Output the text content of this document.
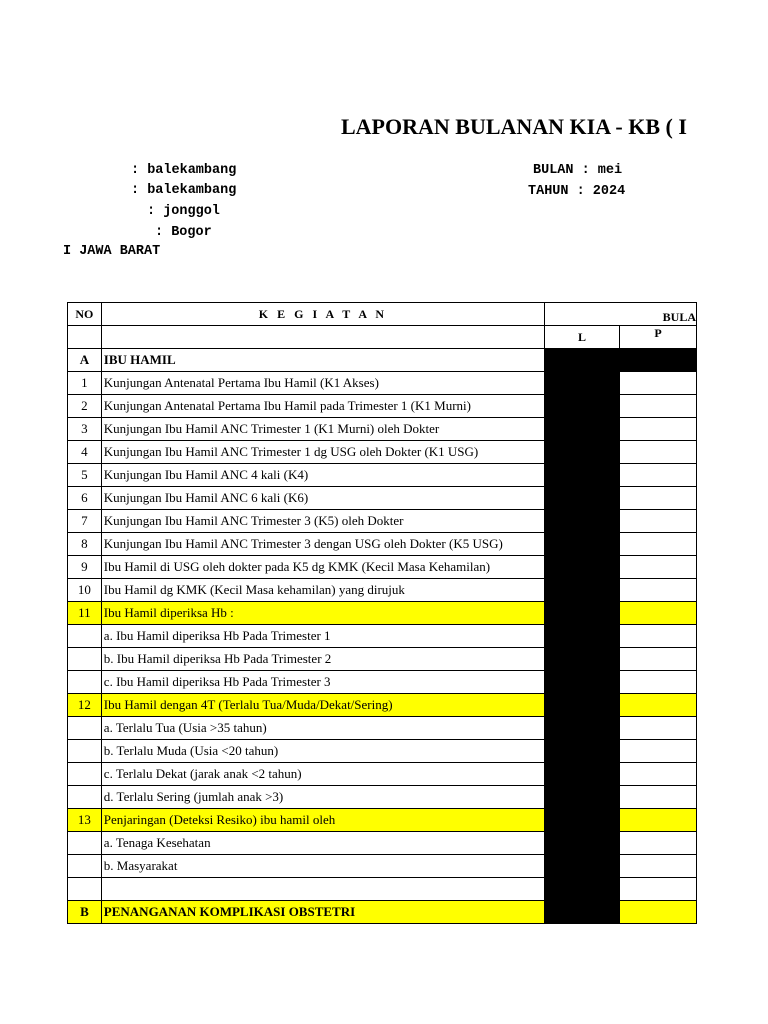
LAPORAN BULANAN KIA - KB ( I
: balekambang
: balekambang
: jonggol
: Bogor
I JAWA BARAT
BULAN : mei
TAHUN : 2024
NO	K E G I A T A N	BULA	
		L	P
A	IBU HAMIL		
1	Kunjungan Antenatal Pertama Ibu Hamil (K1 Akses)		
2	Kunjungan Antenatal Pertama Ibu Hamil pada Trimester 1 (K1 Murni)		
3	Kunjungan Ibu Hamil ANC Trimester 1 (K1 Murni) oleh Dokter		
4	Kunjungan Ibu Hamil ANC Trimester 1 dg USG oleh Dokter (K1 USG)		
5	Kunjungan Ibu Hamil ANC 4 kali (K4)		
6	Kunjungan Ibu Hamil ANC 6 kali (K6)		
7	Kunjungan Ibu Hamil ANC Trimester 3 (K5) oleh Dokter		
8	Kunjungan Ibu Hamil ANC Trimester 3 dengan USG oleh Dokter (K5 USG)		
9	Ibu Hamil di USG oleh dokter pada K5 dg KMK (Kecil Masa Kehamilan)		
10	Ibu Hamil dg KMK (Kecil Masa kehamilan) yang dirujuk		
11	Ibu Hamil diperiksa Hb :		
	a. Ibu Hamil diperiksa Hb Pada Trimester 1		
	b. Ibu Hamil diperiksa Hb Pada Trimester 2		
	c. Ibu Hamil diperiksa Hb Pada Trimester 3		
12	Ibu Hamil dengan 4T (Terlalu Tua/Muda/Dekat/Sering)		
	a. Terlalu Tua (Usia >35 tahun)		
	b. Terlalu Muda (Usia <20 tahun)		
	c. Terlalu Dekat (jarak anak <2 tahun)		
	d. Terlalu Sering (jumlah anak >3)		
13	Penjaringan (Deteksi Resiko) ibu hamil oleh		
	a. Tenaga Kesehatan		
	b. Masyarakat		

B	PENANGANAN KOMPLIKASI OBSTETRI		
